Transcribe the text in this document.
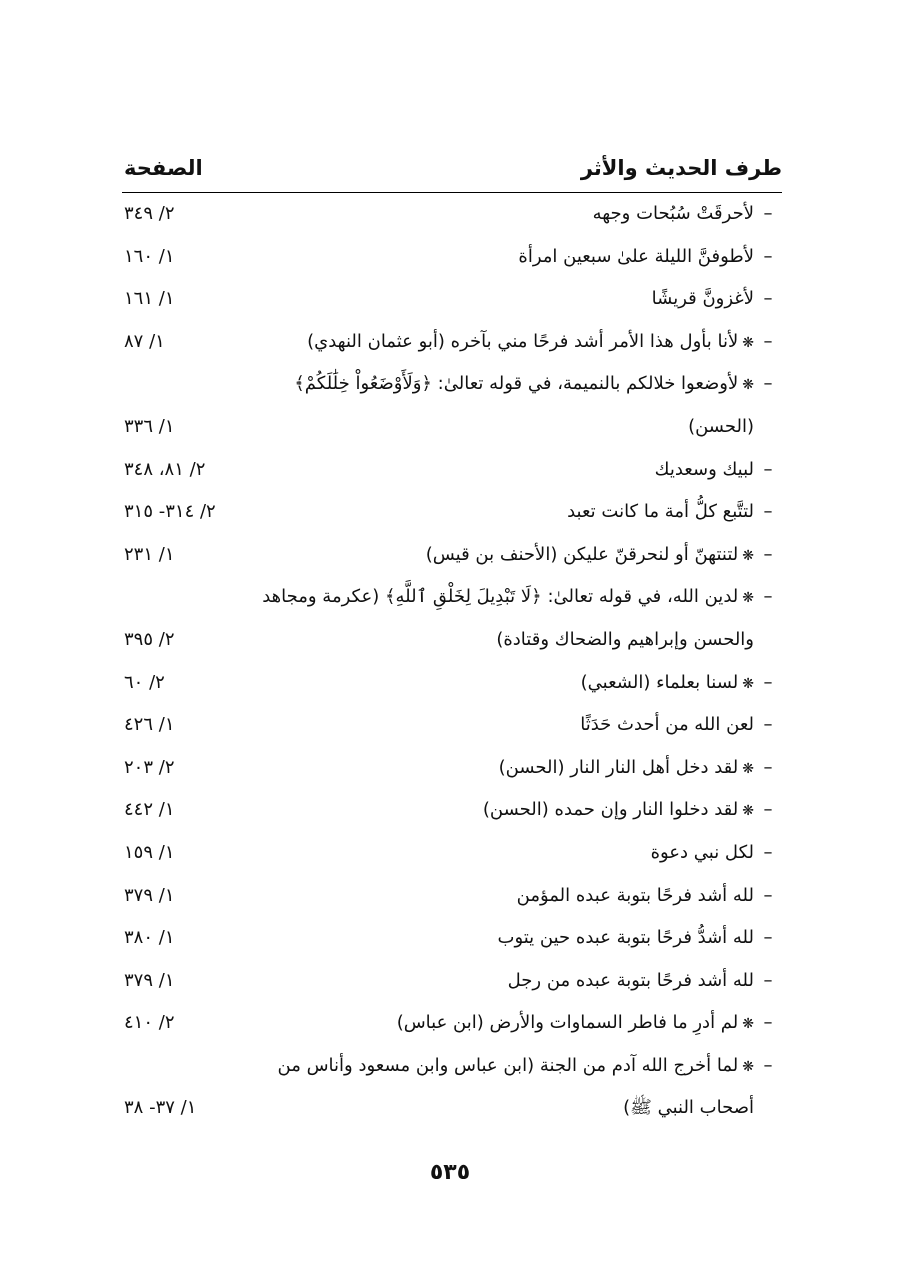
طرف الحديث والأثر
الصفحة
–لأحرقَتْ سُبُحات وجهه
٢/ ٣٤٩
–لأطوفنَّ الليلة علىٰ سبعين امرأة
١/ ١٦٠
–لأغزونَّ قريشًا
١/ ١٦١
–❋لأنا بأول هذا الأمر أشد فرحًا مني بآخره (أبو عثمان النهدي)
١/ ٨٧
–❋لأوضعوا خلالكم بالنميمة، في قوله تعالىٰ: ﴿وَلَأَوْضَعُواْ خِلَٰلَكُمْ﴾
(الحسن)
١/ ٣٣٦
–لبيك وسعديك
٢/ ٨١، ٣٤٨
–لتتَّبع كلُّ أمة ما كانت تعبد
٢/ ٣١٤- ٣١٥
–❋لتنتهنّ أو لنحرقنّ عليكن (الأحنف بن قيس)
١/ ٢٣١
–❋لدين الله، في قوله تعالىٰ: ﴿لَا تَبْدِيلَ لِخَلْقِ ٱللَّهِ﴾ (عكرمة ومجاهد
والحسن وإبراهيم والضحاك وقتادة)
٢/ ٣٩٥
–❋لسنا بعلماء (الشعبي)
٢/ ٦٠
–لعن الله من أحدث حَدَثًا
١/ ٤٢٦
–❋لقد دخل أهل النار النار (الحسن)
٢/ ٢٠٣
–❋لقد دخلوا النار وإن حمده (الحسن)
١/ ٤٤٢
–لكل نبي دعوة
١/ ١٥٩
–لله أشد فرحًا بتوبة عبده المؤمن
١/ ٣٧٩
–لله أشدُّ فرحًا بتوبة عبده حين يتوب
١/ ٣٨٠
–لله أشد فرحًا بتوبة عبده من رجل
١/ ٣٧٩
–❋لم أدرِ ما فاطر السماوات والأرض (ابن عباس)
٢/ ٤١٠
–❋لما أخرج الله آدم من الجنة (ابن عباس وابن مسعود وأناس من
أصحاب النبي ﷺ)
١/ ٣٧- ٣٨
٥٣٥
